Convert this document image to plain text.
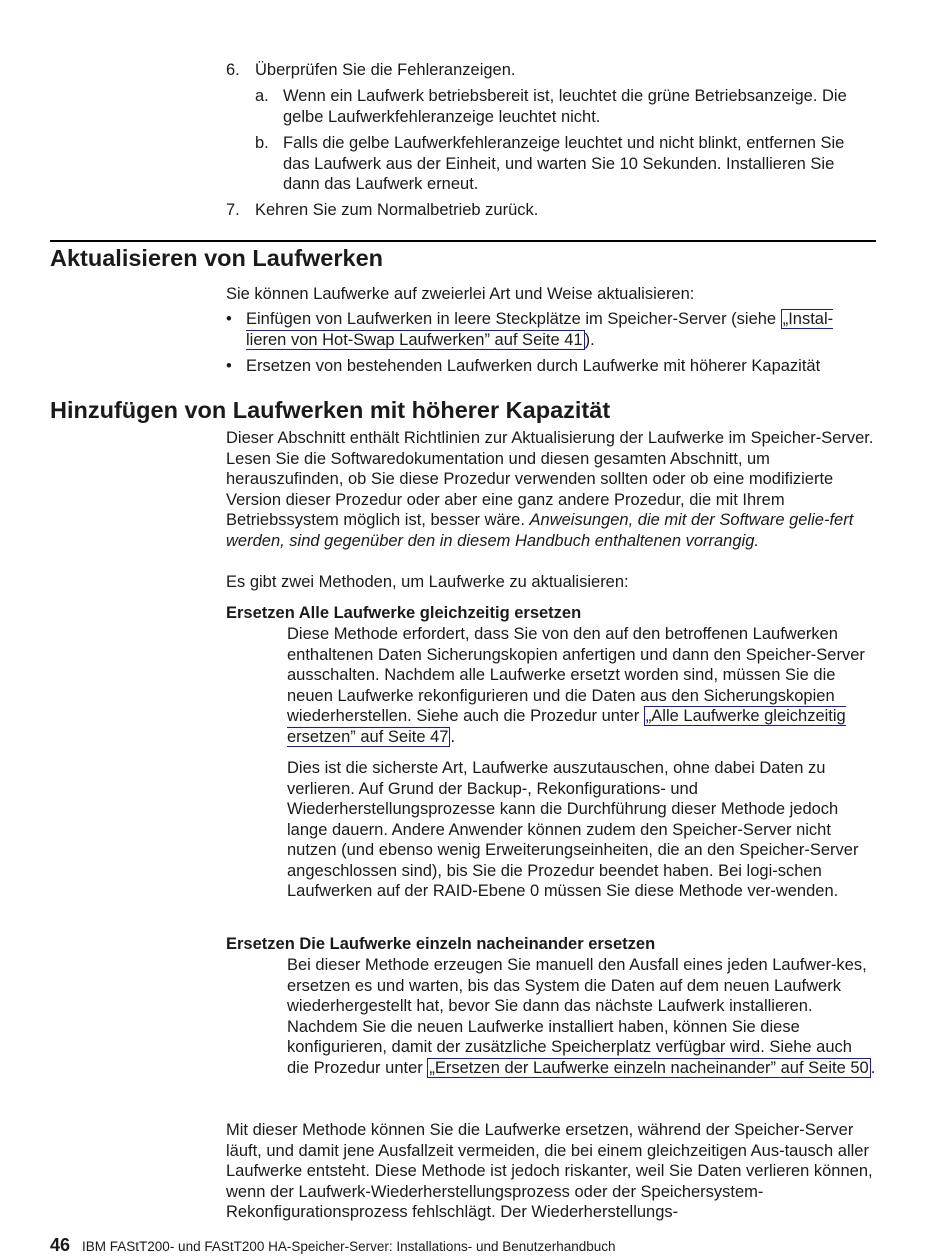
6. Überprüfen Sie die Fehleranzeigen.
a. Wenn ein Laufwerk betriebsbereit ist, leuchtet die grüne Betriebsanzeige. Die gelbe Laufwerkfehleranzeige leuchtet nicht.
b. Falls die gelbe Laufwerkfehleranzeige leuchtet und nicht blinkt, entfernen Sie das Laufwerk aus der Einheit, und warten Sie 10 Sekunden. Installieren Sie dann das Laufwerk erneut.
7. Kehren Sie zum Normalbetrieb zurück.
Aktualisieren von Laufwerken
Sie können Laufwerke auf zweierlei Art und Weise aktualisieren:
• Einfügen von Laufwerken in leere Steckplätze im Speicher-Server (siehe „Instal-lieren von Hot-Swap Laufwerken” auf Seite 41 ).
• Ersetzen von bestehenden Laufwerken durch Laufwerke mit höherer Kapazität
Hinzufügen von Laufwerken mit höherer Kapazität
Dieser Abschnitt enthält Richtlinien zur Aktualisierung der Laufwerke im Speicher-Server. Lesen Sie die Softwaredokumentation und diesen gesamten Abschnitt, um herauszufinden, ob Sie diese Prozedur verwenden sollten oder ob eine modifizierte Version dieser Prozedur oder aber eine ganz andere Prozedur, die mit Ihrem Betriebssystem möglich ist, besser wäre. Anweisungen, die mit der Software gelie-fert werden, sind gegenüber den in diesem Handbuch enthaltenen vorrangig.
Es gibt zwei Methoden, um Laufwerke zu aktualisieren:
Ersetzen Alle Laufwerke gleichzeitig ersetzen
Diese Methode erfordert, dass Sie von den auf den betroffenen Laufwerken enthaltenen Daten Sicherungskopien anfertigen und dann den Speicher-Server ausschalten. Nachdem alle Laufwerke ersetzt worden sind, müssen Sie die neuen Laufwerke rekonfigurieren und die Daten aus den Sicherungskopien wiederherstellen. Siehe auch die Prozedur unter „Alle Laufwerke gleichzeitig ersetzen” auf Seite 47 .
Dies ist die sicherste Art, Laufwerke auszutauschen, ohne dabei Daten zu verlieren. Auf Grund der Backup-, Rekonfigurations- und Wiederherstellungsprozesse kann die Durchführung dieser Methode jedoch lange dauern. Andere Anwender können zudem den Speicher-Server nicht nutzen (und ebenso wenig Erweiterungseinheiten, die an den Speicher-Server angeschlossen sind), bis Sie die Prozedur beendet haben. Bei logi-schen Laufwerken auf der RAID-Ebene 0 müssen Sie diese Methode ver-wenden.
Ersetzen Die Laufwerke einzeln nacheinander ersetzen
Bei dieser Methode erzeugen Sie manuell den Ausfall eines jeden Laufwer-kes, ersetzen es und warten, bis das System die Daten auf dem neuen Laufwerk wiederhergestellt hat, bevor Sie dann das nächste Laufwerk installieren. Nachdem Sie die neuen Laufwerke installiert haben, können Sie diese konfigurieren, damit der zusätzliche Speicherplatz verfügbar wird. Siehe auch die Prozedur unter „Ersetzen der Laufwerke einzeln nacheinander” auf Seite 50 .
Mit dieser Methode können Sie die Laufwerke ersetzen, während der Speicher-Server läuft, und damit jene Ausfallzeit vermeiden, die bei einem gleichzeitigen Aus-tausch aller Laufwerke entsteht. Diese Methode ist jedoch riskanter, weil Sie Daten verlieren können, wenn der Laufwerk-Wiederherstellungsprozess oder der Speichersystem-Rekonfigurationsprozess fehlschlägt. Der Wiederherstellungs-
46 IBM FAStT200- und FAStT200 HA-Speicher-Server: Installations- und Benutzerhandbuch
